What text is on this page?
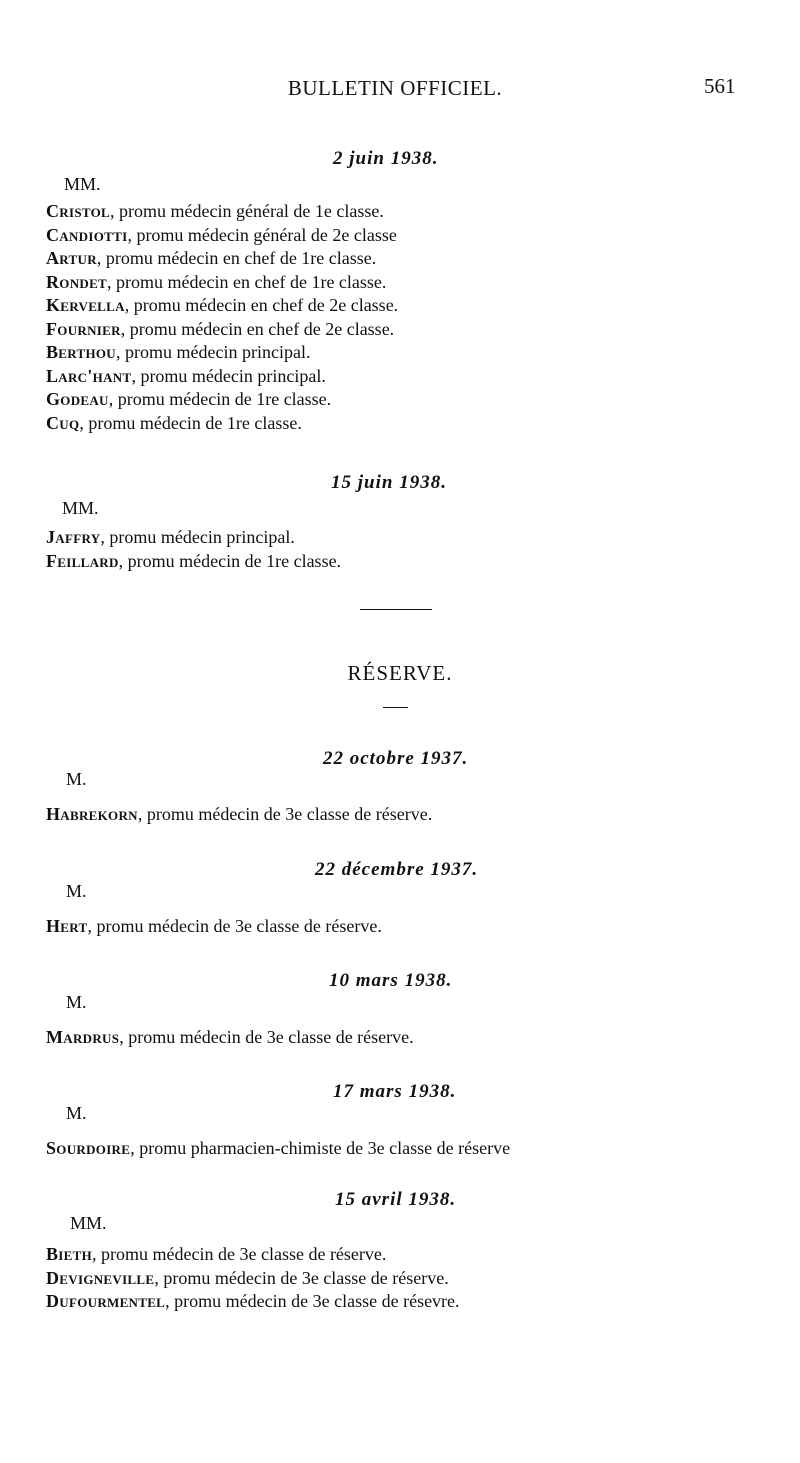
BULLETIN OFFICIEL.	561
2 juin 1938.
MM.
Cristol, promu médecin général de 1e classe.
Candiotti, promu médecin général de 2e classe
Artur, promu médecin en chef de 1re classe.
Rondet, promu médecin en chef de 1re classe.
Kervella, promu médecin en chef de 2e classe.
Fournier, promu médecin en chef de 2e classe.
Berthou, promu médecin principal.
Larc'hant, promu médecin principal.
Godeau, promu médecin de 1re classe.
Cuq, promu médecin de 1re classe.
15 juin 1938.
MM.
Jaffry, promu médecin principal.
Feillard, promu médecin de 1re classe.
RÉSERVE.
22 octobre 1937.
M.
Habrekorn, promu médecin de 3e classe de réserve.
22 décembre 1937.
M.
Hert, promu médecin de 3e classe de réserve.
10 mars 1938.
M.
Mardrus, promu médecin de 3e classe de réserve.
17 mars 1938.
M.
Sourdoire, promu pharmacien-chimiste de 3e classe de réserve
15 avril 1938.
MM.
Bieth, promu médecin de 3e classe de réserve.
Devigneville, promu médecin de 3e classe de réserve.
Dufourmentel, promu médecin de 3e classe de résevre.
